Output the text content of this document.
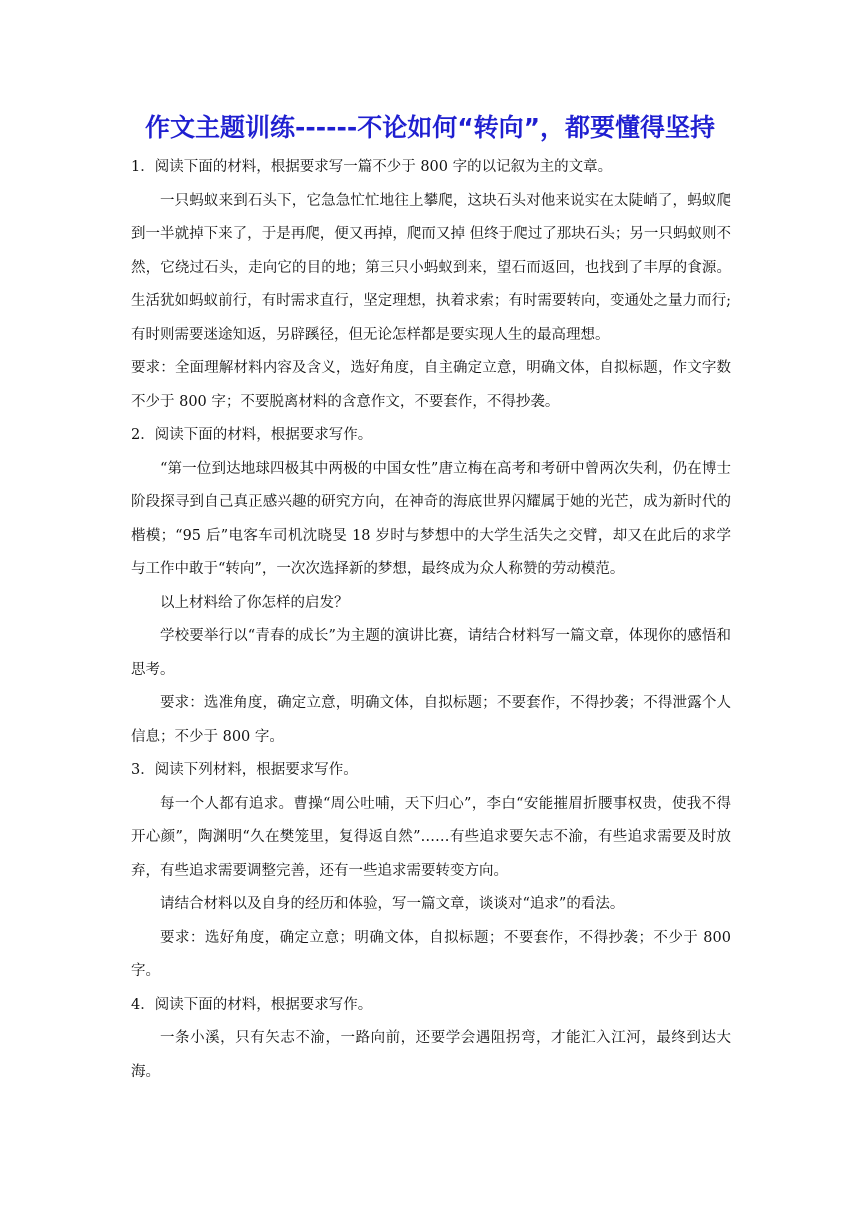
作文主题训练------不论如何“转向”，都要懂得坚持

1．阅读下面的材料，根据要求写一篇不少于 800 字的以记叙为主的文章。

一只蚂蚁来到石头下，它急急忙忙地往上攀爬，这块石头对他来说实在太陡峭了，蚂蚁爬到一半就掉下来了，于是再爬，便又再掉，爬而又掉 但终于爬过了那块石头；另一只蚂蚁则不然，它绕过石头，走向它的目的地；第三只小蚂蚁到来，望石而返回，也找到了丰厚的食源。生活犹如蚂蚁前行，有时需求直行，坚定理想，执着求索；有时需要转向，变通处之量力而行;有时则需要迷途知返，另辟蹊径，但无论怎样都是要实现人生的最高理想。

要求：全面理解材料内容及含义，选好角度，自主确定立意，明确文体，自拟标题，作文字数不少于 800 字；不要脱离材料的含意作文，不要套作，不得抄袭。

2．阅读下面的材料，根据要求写作。

“第一位到达地球四极其中两极的中国女性”唐立梅在高考和考研中曾两次失利，仍在博士阶段探寻到自己真正感兴趣的研究方向，在神奇的海底世界闪耀属于她的光芒，成为新时代的楷模；“95 后”电客车司机沈晓旻 18 岁时与梦想中的大学生活失之交臂，却又在此后的求学与工作中敢于“转向”，一次次选择新的梦想，最终成为众人称赞的劳动模范。

以上材料给了你怎样的启发？

学校要举行以“青春的成长”为主题的演讲比赛，请结合材料写一篇文章，体现你的感悟和思考。

要求：选准角度，确定立意，明确文体，自拟标题；不要套作，不得抄袭；不得泄露个人信息；不少于 800 字。

3．阅读下列材料，根据要求写作。

每一个人都有追求。曹操“周公吐哺，天下归心”，李白“安能摧眉折腰事权贵，使我不得开心颜”，陶渊明“久在樊笼里，复得返自然”……有些追求要矢志不渝，有些追求需要及时放弃，有些追求需要调整完善，还有一些追求需要转变方向。

请结合材料以及自身的经历和体验，写一篇文章，谈谈对“追求”的看法。

要求：选好角度，确定立意；明确文体，自拟标题；不要套作，不得抄袭；不少于 800 字。

4．阅读下面的材料，根据要求写作。

一条小溪，只有矢志不渝，一路向前，还要学会遇阻拐弯，才能汇入江河，最终到达大海。
